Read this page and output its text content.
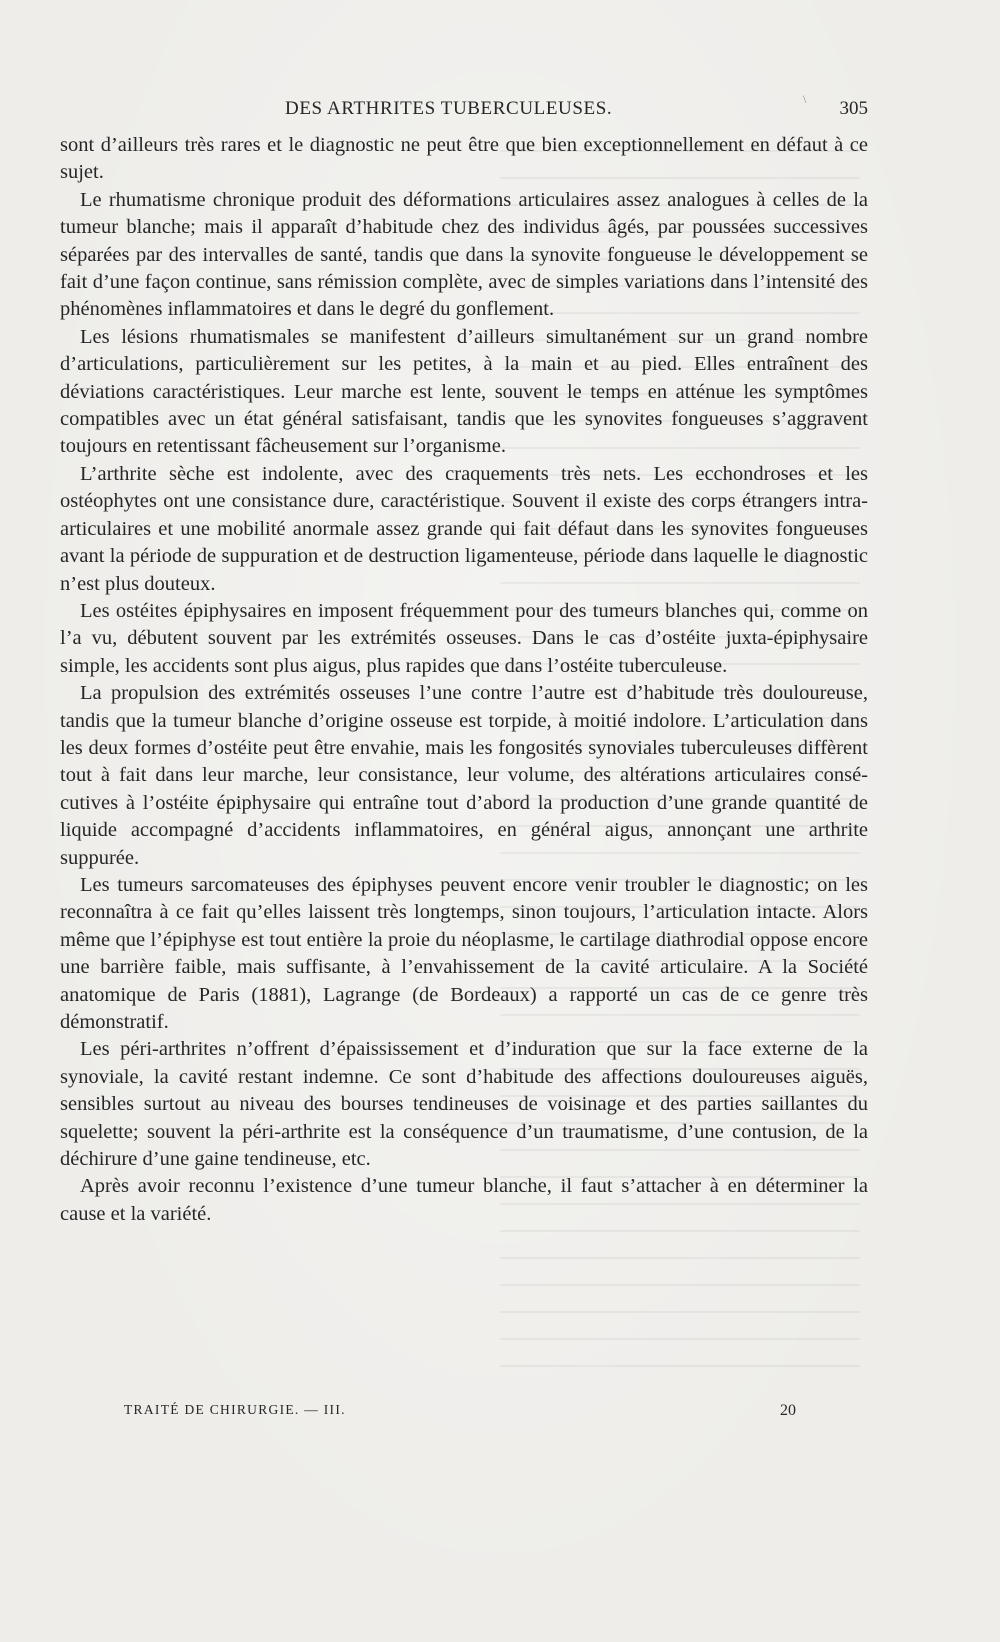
DES ARTHRITES TUBERCULEUSES.	305
\

sont d’ailleurs très rares et le diagnostic ne peut être que bien exceptionnellement en défaut à ce sujet.

Le rhumatisme chronique produit des déformations articulaires assez analogues à celles de la tumeur blanche; mais il apparaît d’habitude chez des individus âgés, par poussées successives séparées par des intervalles de santé, tandis que dans la synovite fongueuse le développement se fait d’une façon continue, sans rémission complète, avec de simples variations dans l’intensité des phénomènes inflammatoires et dans le degré du gonflement.

Les lésions rhumatismales se manifestent d’ailleurs simultanément sur un grand nombre d’articulations, particulièrement sur les petites, à la main et au pied. Elles entraînent des déviations caractéristiques. Leur marche est lente, souvent le temps en atténue les symptômes compatibles avec un état général satisfaisant, tandis que les synovites fongueuses s’aggravent toujours en retentissant fâcheusement sur l’organisme.

L’arthrite sèche est indolente, avec des craquements très nets. Les ecchondroses et les ostéophytes ont une consistance dure, caractéristique. Souvent il existe des corps étrangers intra-articulaires et une mobilité anormale assez grande qui fait défaut dans les synovites fongueuses avant la période de suppuration et de destruction ligamenteuse, période dans laquelle le diagnostic n’est plus douteux.

Les ostéites épiphysaires en imposent fréquemment pour des tumeurs blanches qui, comme on l’a vu, débutent souvent par les extrémités osseuses. Dans le cas d’ostéite juxta-épiphysaire simple, les accidents sont plus aigus, plus rapides que dans l’ostéite tuberculeuse.

La propulsion des extrémités osseuses l’une contre l’autre est d’habitude très douloureuse, tandis que la tumeur blanche d’origine osseuse est torpide, à moitié indolore. L’articulation dans les deux formes d’ostéite peut être envahie, mais les fongosités synoviales tuberculeuses diffèrent tout à fait dans leur marche, leur consistance, leur volume, des altérations articulaires consécutives à l’ostéite épiphysaire qui entraîne tout d’abord la production d’une grande quantité de liquide accompagné d’accidents inflammatoires, en général aigus, annonçant une arthrite suppurée.

Les tumeurs sarcomateuses des épiphyses peuvent encore venir troubler le diagnostic; on les reconnaîtra à ce fait qu’elles laissent très longtemps, sinon toujours, l’articulation intacte. Alors même que l’épiphyse est tout entière la proie du néoplasme, le cartilage diathrodial oppose encore une barrière faible, mais suffisante, à l’envahissement de la cavité articulaire. A la Société anatomique de Paris (1881), Lagrange (de Bordeaux) a rapporté un cas de ce genre très démonstratif.

Les péri-arthrites n’offrent d’épaississement et d’induration que sur la face externe de la synoviale, la cavité restant indemne. Ce sont d’habitude des affections douloureuses aiguës, sensibles surtout au niveau des bourses tendineuses de voisinage et des parties saillantes du squelette; souvent la péri-arthrite est la conséquence d’un traumatisme, d’une contusion, de la déchirure d’une gaine tendineuse, etc.

Après avoir reconnu l’existence d’une tumeur blanche, il faut s’attacher à en déterminer la cause et la variété.

TRAITÉ DE CHIRURGIE. — III.	20
